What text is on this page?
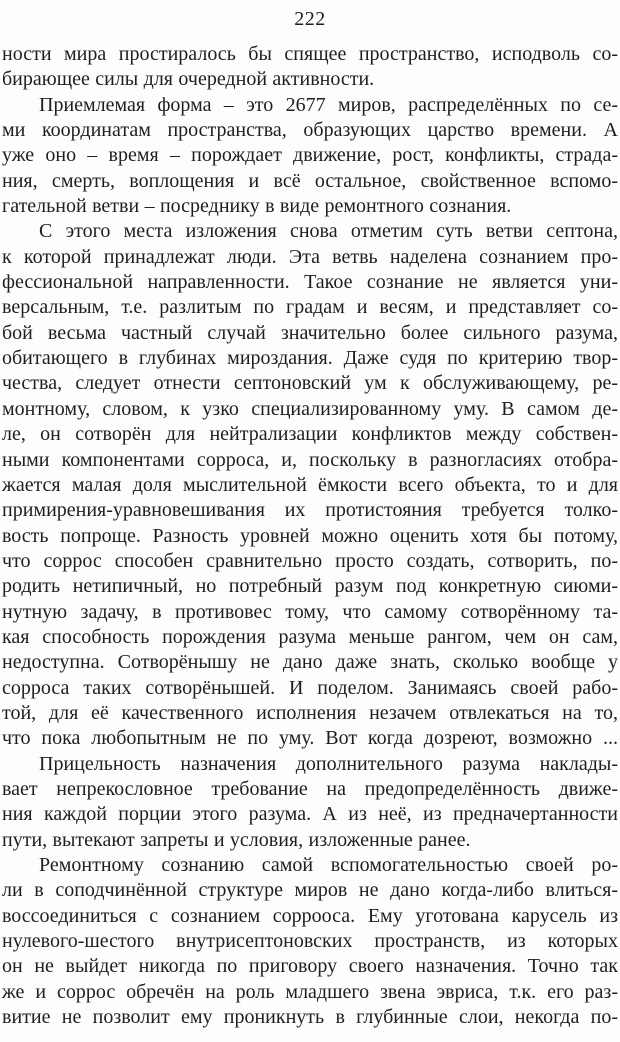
222

ности мира простиралось бы спящее пространство, исподволь со-
бирающее силы для очередной активности.

Приемлемая форма – это 2677 миров, распределённых по се-
ми координатам пространства, образующих царство времени. А
уже оно – время – порождает движение, рост, конфликты, страда-
ния, смерть, воплощения и всё остальное, свойственное вспомо-
гательной ветви – посреднику в виде ремонтного сознания.

С этого места изложения снова отметим суть ветви септона,
к которой принадлежат люди. Эта ветвь наделена сознанием про-
фессиональной направленности. Такое сознание не является уни-
версальным, т.е. разлитым по градам и весям, и представляет со-
бой весьма частный случай значительно более сильного разума,
обитающего в глубинах мироздания. Даже судя по критерию твор-
чества, следует отнести септоновский ум к обслуживающему, ре-
монтному, словом, к узко специализированному уму. В самом де-
ле, он сотворён для нейтрализации конфликтов между собствен-
ными компонентами сорроса, и, поскольку в разногласиях отобра-
жается малая доля мыслительной ёмкости всего объекта, то и для
примирения-уравновешивания их протистояния требуется толко-
вость попроще. Разность уровней можно оценить хотя бы потому,
что соррос способен сравнительно просто создать, сотворить, по-
родить нетипичный, но потребный разум под конкретную сиюми-
нутную задачу, в противовес тому, что самому сотворённому та-
кая способность порождения разума меньше рангом, чем он сам,
недоступна. Сотворёнышу не дано даже знать, сколько вообще у
сорроса таких сотворёнышей. И поделом. Занимаясь своей рабо-
той, для её качественного исполнения незачем отвлекаться на то,
что пока любопытным не по уму. Вот когда дозреют, возможно ...

Прицельность назначения дополнительного разума наклады-
вает непрекословное требование на предопределённость движе-
ния каждой порции этого разума. А из неё, из предначертанности
пути, вытекают запреты и условия, изложенные ранее.

Ремонтному сознанию самой вспомогательностью своей ро-
ли в соподчинённой структуре миров не дано когда-либо влиться-
воссоединиться с сознанием соррооса. Ему уготована карусель из
нулевого-шестого внутрисептоновских пространств, из которых
он не выйдет никогда по приговору своего назначения. Точно так
же и соррос обречён на роль младшего звена эвриса, т.к. его раз-
витие не позволит ему проникнуть в глубинные слои, некогда по-
